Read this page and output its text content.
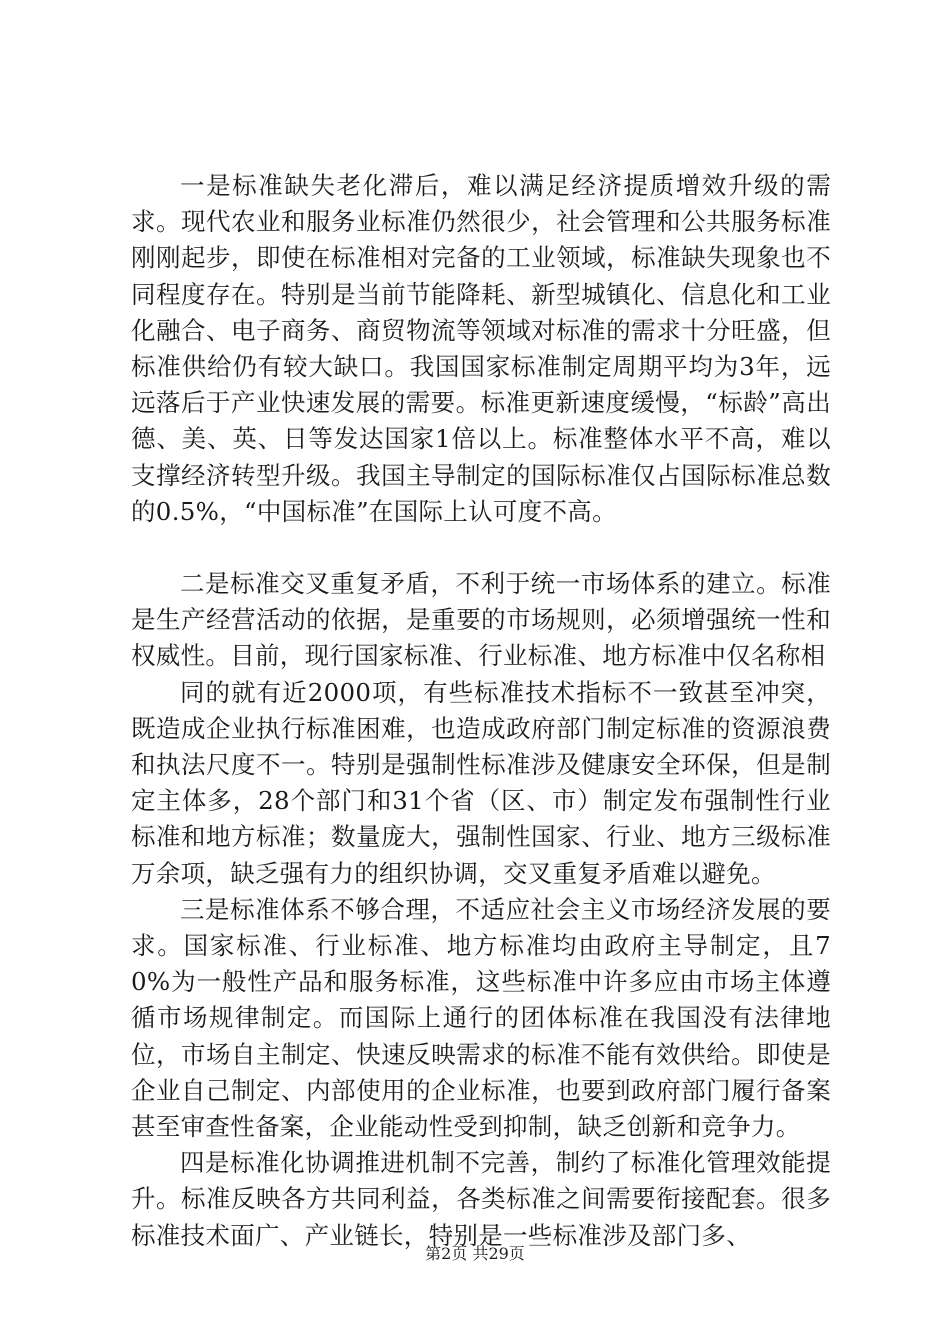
一是标准缺失老化滞后，难以满足经济提质增效升级的需求。现代农业和服务业标准仍然很少，社会管理和公共服务标准刚刚起步，即使在标准相对完备的工业领域，标准缺失现象也不同程度存在。特别是当前节能降耗、新型城镇化、信息化和工业化融合、电子商务、商贸物流等领域对标准的需求十分旺盛，但标准供给仍有较大缺口。我国国家标准制定周期平均为3年，远远落后于产业快速发展的需要。标准更新速度缓慢，“标龄”高出德、美、英、日等发达国家1倍以上。标准整体水平不高，难以支撑经济转型升级。我国主导制定的国际标准仅占国际标准总数的0.5%，“中国标准”在国际上认可度不高。

二是标准交叉重复矛盾，不利于统一市场体系的建立。标准是生产经营活动的依据，是重要的市场规则，必须增强统一性和权威性。目前，现行国家标准、行业标准、地方标准中仅名称相

同的就有近2000项，有些标准技术指标不一致甚至冲突，既造成企业执行标准困难，也造成政府部门制定标准的资源浪费和执法尺度不一。特别是强制性标准涉及健康安全环保，但是制定主体多，28个部门和31个省（区、市）制定发布强制性行业标准和地方标准；数量庞大，强制性国家、行业、地方三级标准万余项，缺乏强有力的组织协调，交叉重复矛盾难以避免。

三是标准体系不够合理，不适应社会主义市场经济发展的要求。国家标准、行业标准、地方标准均由政府主导制定，且70%为一般性产品和服务标准，这些标准中许多应由市场主体遵循市场规律制定。而国际上通行的团体标准在我国没有法律地位，市场自主制定、快速反映需求的标准不能有效供给。即使是企业自己制定、内部使用的企业标准，也要到政府部门履行备案甚至审查性备案，企业能动性受到抑制，缺乏创新和竞争力。

四是标准化协调推进机制不完善，制约了标准化管理效能提升。标准反映各方共同利益，各类标准之间需要衔接配套。很多标准技术面广、产业链长，特别是一些标准涉及部门多、

第2页 共29页
